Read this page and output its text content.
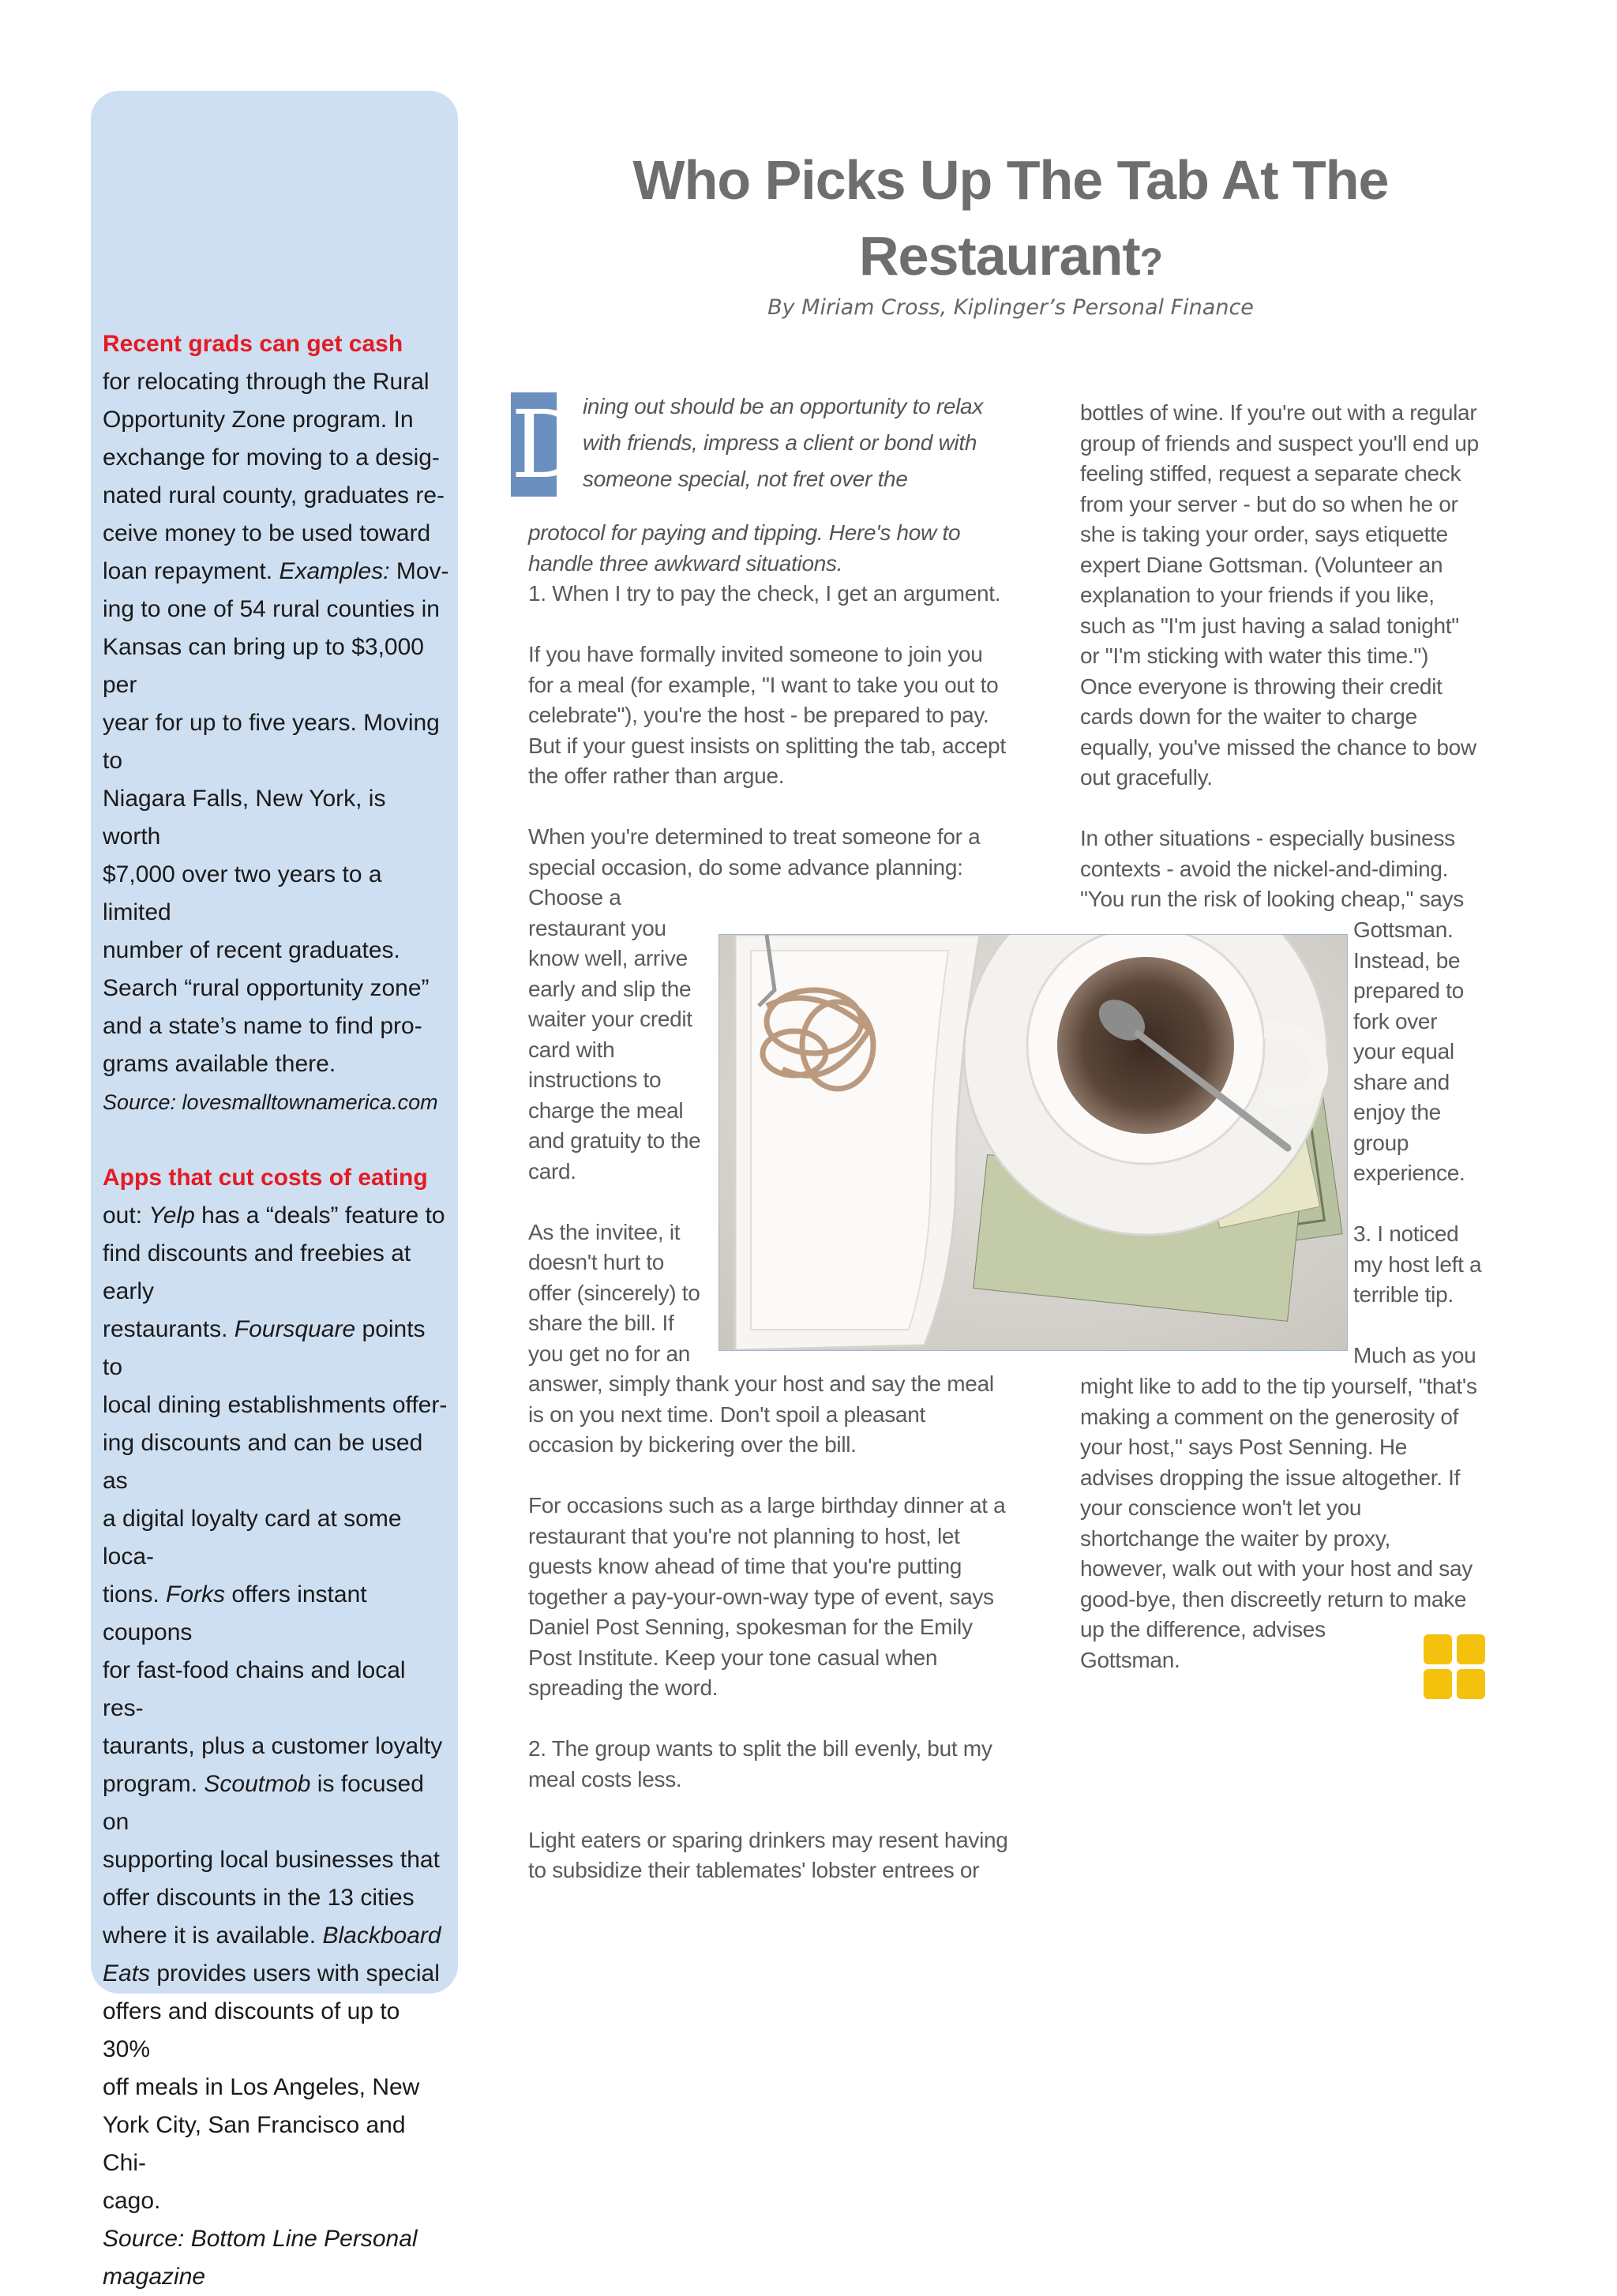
Recent grads can get cash

for relocating through the Rural

Opportunity Zone program. In

exchange for moving to a desig-

nated rural county, graduates re-

ceive money to be used toward

loan repayment. Examples: Mov-

ing to one of 54 rural counties in

Kansas can bring up to $3,000 per

year for up to five years. Moving to

Niagara Falls, New York, is worth

$7,000 over two years to a limited

number of recent graduates.

Search “rural opportunity zone”

and a state’s name to find pro-

grams available there.

Source: lovesmalltownamerica.com

Apps that cut costs of eating

out: Yelp has a “deals” feature to

find discounts and freebies at early

restaurants. Foursquare points to

local dining establishments offer-

ing discounts and can be used as

a digital loyalty card at some loca-

tions. Forks offers instant coupons

for fast-food chains and local res-

taurants, plus a customer loyalty

program. Scoutmob is focused on

supporting local businesses that

offer discounts in the 13 cities

where it is available. Blackboard

Eats provides users with special

offers and discounts of up to 30%

off meals in Los Angeles, New

York City, San Francisco and Chi-

cago.

Source: Bottom Line Personal

magazine

Who Picks Up The Tab At The
Restaurant?

By Miriam Cross, Kiplinger’s Personal Finance

D

ining out should be an opportunity to relax

with friends, impress a client or bond with

someone special, not fret over the

protocol for paying and tipping. Here's how to

handle three awkward situations.

1. When I try to pay the check, I get an argument.

If you have formally invited someone to join you

for a meal (for example, "I want to take you out to

celebrate"), you're the host - be prepared to pay.

But if your guest insists on splitting the tab, accept

the offer rather than argue.

When you're determined to treat someone for a

special occasion, do some advance planning:

Choose a

restaurant you

know well, arrive

early and slip the

waiter your credit

card with

instructions to

charge the meal

and gratuity to the

card.

As the invitee, it

doesn't hurt to

offer (sincerely) to

share the bill. If

you get no for an

answer, simply thank your host and say the meal

is on you next time. Don't spoil a pleasant

occasion by bickering over the bill.

For occasions such as a large birthday dinner at a

restaurant that you're not planning to host, let

guests know ahead of time that you're putting

together a pay-your-own-way type of event, says

Daniel Post Senning, spokesman for the Emily

Post Institute. Keep your tone casual when

spreading the word.

2. The group wants to split the bill evenly, but my

meal costs less.

Light eaters or sparing drinkers may resent having

to subsidize their tablemates' lobster entrees or

bottles of wine. If you're out with a regular

group of friends and suspect you'll end up

feeling stiffed, request a separate check

from your server - but do so when he or

she is taking your order, says etiquette

expert Diane Gottsman. (Volunteer an

explanation to your friends if you like,

such as "I'm just having a salad tonight"

or "I'm sticking with water this time.")

Once everyone is throwing their credit

cards down for the waiter to charge

equally, you've missed the chance to bow

out gracefully.

In other situations - especially business

contexts - avoid the nickel-and-diming.

"You run the risk of looking cheap," says

Gottsman.

Instead, be

prepared to

fork over

your equal

share and

enjoy the

group

experience.

3. I noticed

my host left a

terrible tip.

Much as you

might like to add to the tip yourself, "that's

making a comment on the generosity of

your host," says Post Senning. He

advises dropping the issue altogether. If

your conscience won't let you

shortchange the waiter by proxy,

however, walk out with your host and say

good-bye, then discreetly return to make

up the difference, advises

Gottsman.
